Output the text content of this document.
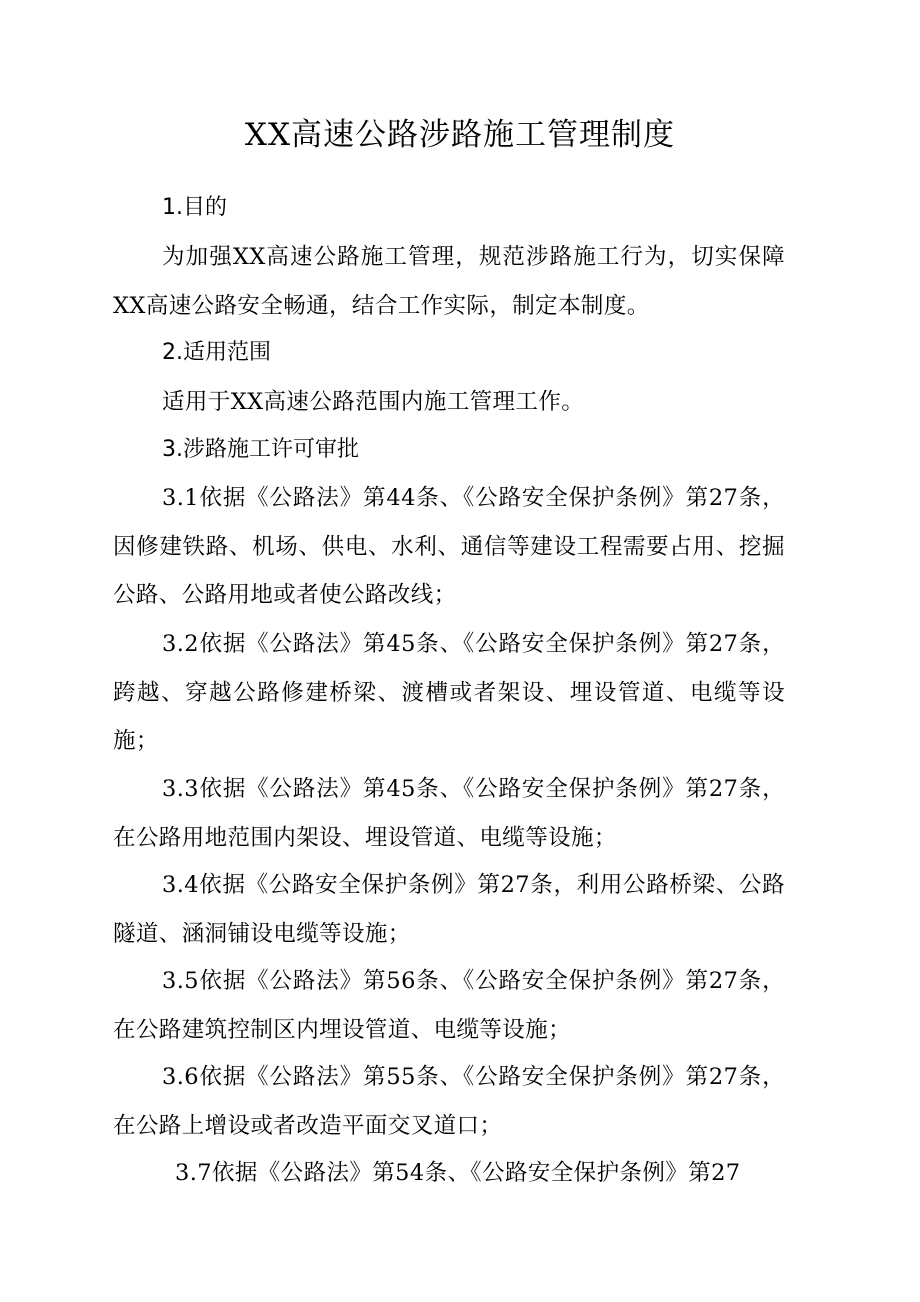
XX高速公路涉路施工管理制度
1.目的

为加强XX高速公路施工管理，规范涉路施工行为，切实保障XX高速公路安全畅通，结合工作实际，制定本制度。

2.适用范围

适用于XX高速公路范围内施工管理工作。

3.涉路施工许可审批

3.1依据《公路法》第44条、《公路安全保护条例》第27条，因修建铁路、机场、供电、水利、通信等建设工程需要占用、挖掘公路、公路用地或者使公路改线；

3.2依据《公路法》第45条、《公路安全保护条例》第27条，跨越、穿越公路修建桥梁、渡槽或者架设、埋设管道、电缆等设施；

3.3依据《公路法》第45条、《公路安全保护条例》第27条，在公路用地范围内架设、埋设管道、电缆等设施；

3.4依据《公路安全保护条例》第27条，利用公路桥梁、公路隧道、涵洞铺设电缆等设施；

3.5依据《公路法》第56条、《公路安全保护条例》第27条，在公路建筑控制区内埋设管道、电缆等设施；

3.6依据《公路法》第55条、《公路安全保护条例》第27条，在公路上增设或者改造平面交叉道口；

3.7依据《公路法》第54条、《公路安全保护条例》第27
